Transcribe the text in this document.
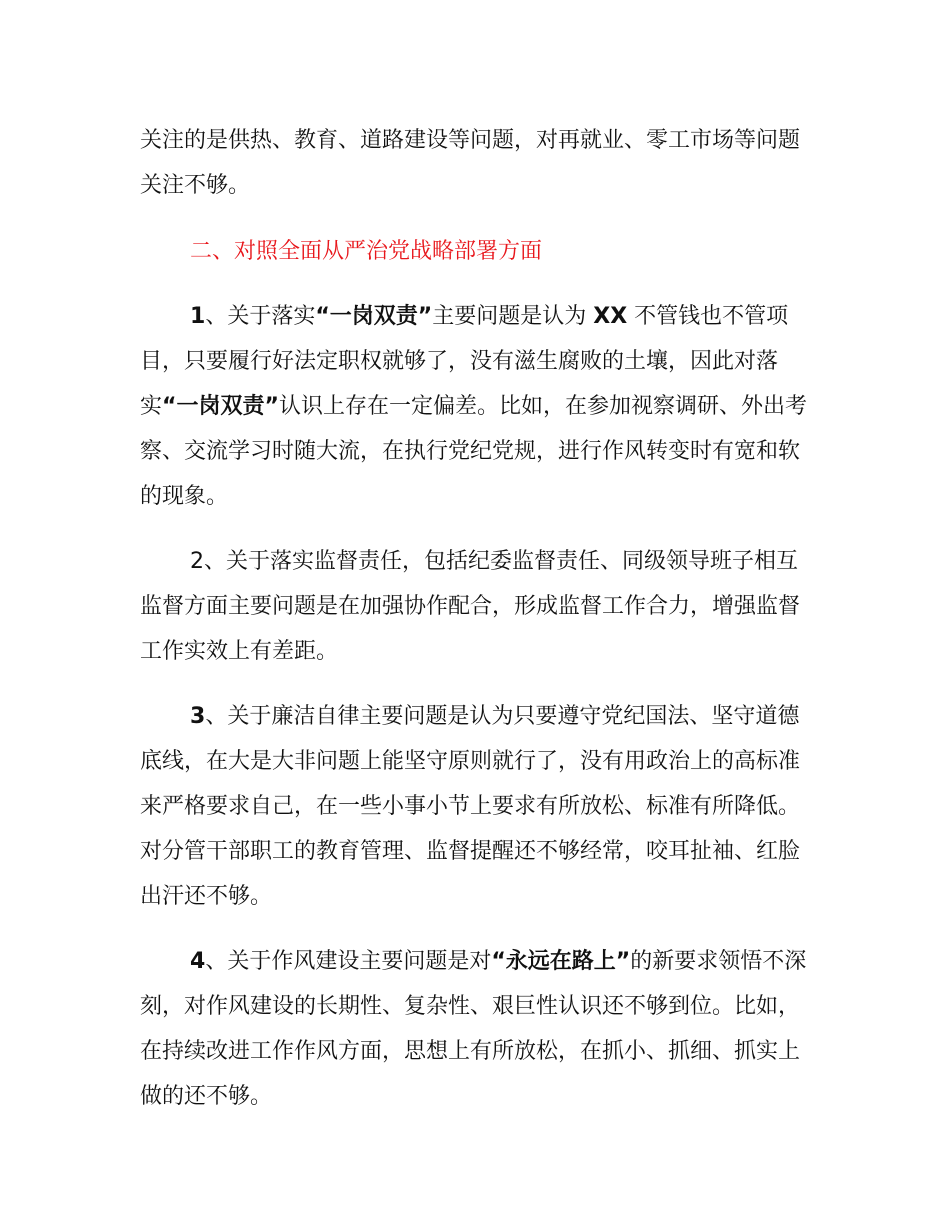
关注的是供热、教育、道路建设等问题，对再就业、零工市场等问题关注不够。

二、对照全面从严治党战略部署方面

1、关于落实“一岗双责”主要问题是认为 XX 不管钱也不管项目，只要履行好法定职权就够了，没有滋生腐败的土壤，因此对落实“一岗双责”认识上存在一定偏差。比如，在参加视察调研、外出考察、交流学习时随大流，在执行党纪党规，进行作风转变时有宽和软的现象。

2、关于落实监督责任，包括纪委监督责任、同级领导班子相互监督方面主要问题是在加强协作配合，形成监督工作合力，增强监督工作实效上有差距。

3、关于廉洁自律主要问题是认为只要遵守党纪国法、坚守道德底线，在大是大非问题上能坚守原则就行了，没有用政治上的高标准来严格要求自己，在一些小事小节上要求有所放松、标准有所降低。对分管干部职工的教育管理、监督提醒还不够经常，咬耳扯袖、红脸出汗还不够。

4、关于作风建设主要问题是对“永远在路上”的新要求领悟不深刻，对作风建设的长期性、复杂性、艰巨性认识还不够到位。比如，在持续改进工作作风方面，思想上有所放松，在抓小、抓细、抓实上做的还不够。
